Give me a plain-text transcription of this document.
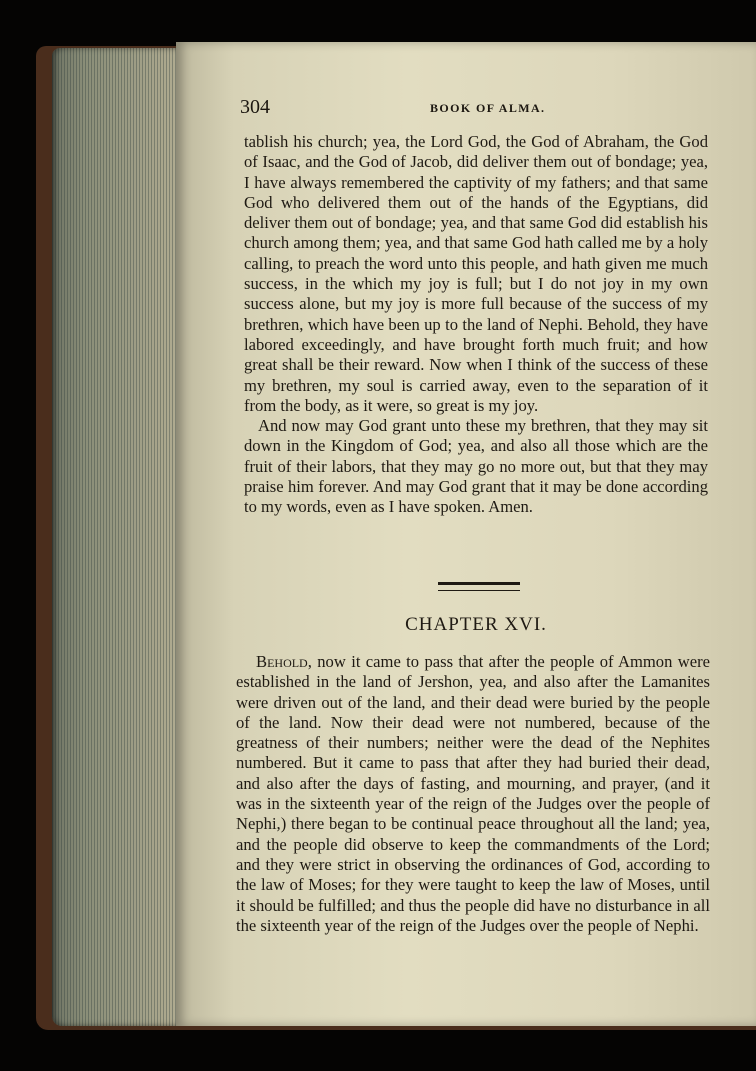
304	BOOK OF ALMA.

tablish his church; yea, the Lord God, the God of Abraham, the God of Isaac, and the God of Jacob, did deliver them out of bondage; yea, I have always remembered the captivity of my fathers; and that same God who delivered them out of the hands of the Egyptians, did deliver them out of bondage; yea, and that same God did establish his church among them; yea, and that same God hath called me by a holy calling, to preach the word unto this people, and hath given me much success, in the which my joy is full; but I do not joy in my own success alone, but my joy is more full because of the success of my brethren, which have been up to the land of Nephi. Behold, they have labored exceedingly, and have brought forth much fruit; and how great shall be their reward. Now when I think of the success of these my brethren, my soul is carried away, even to the separation of it from the body, as it were, so great is my joy.

And now may God grant unto these my brethren, that they may sit down in the Kingdom of God; yea, and also all those which are the fruit of their labors, that they may go no more out, but that they may praise him forever. And may God grant that it may be done according to my words, even as I have spoken. Amen.

CHAPTER XVI.

Behold, now it came to pass that after the people of Ammon were established in the land of Jershon, yea, and also after the Lamanites were driven out of the land, and their dead were buried by the people of the land. Now their dead were not numbered, because of the greatness of their numbers; neither were the dead of the Nephites numbered. But it came to pass that after they had buried their dead, and also after the days of fasting, and mourning, and prayer, (and it was in the sixteenth year of the reign of the Judges over the people of Nephi,) there began to be continual peace throughout all the land; yea, and the people did observe to keep the commandments of the Lord; and they were strict in observing the ordinances of God, according to the law of Moses; for they were taught to keep the law of Moses, until it should be fulfilled; and thus the people did have no disturbance in all the sixteenth year of the reign of the Judges over the people of Nephi.
